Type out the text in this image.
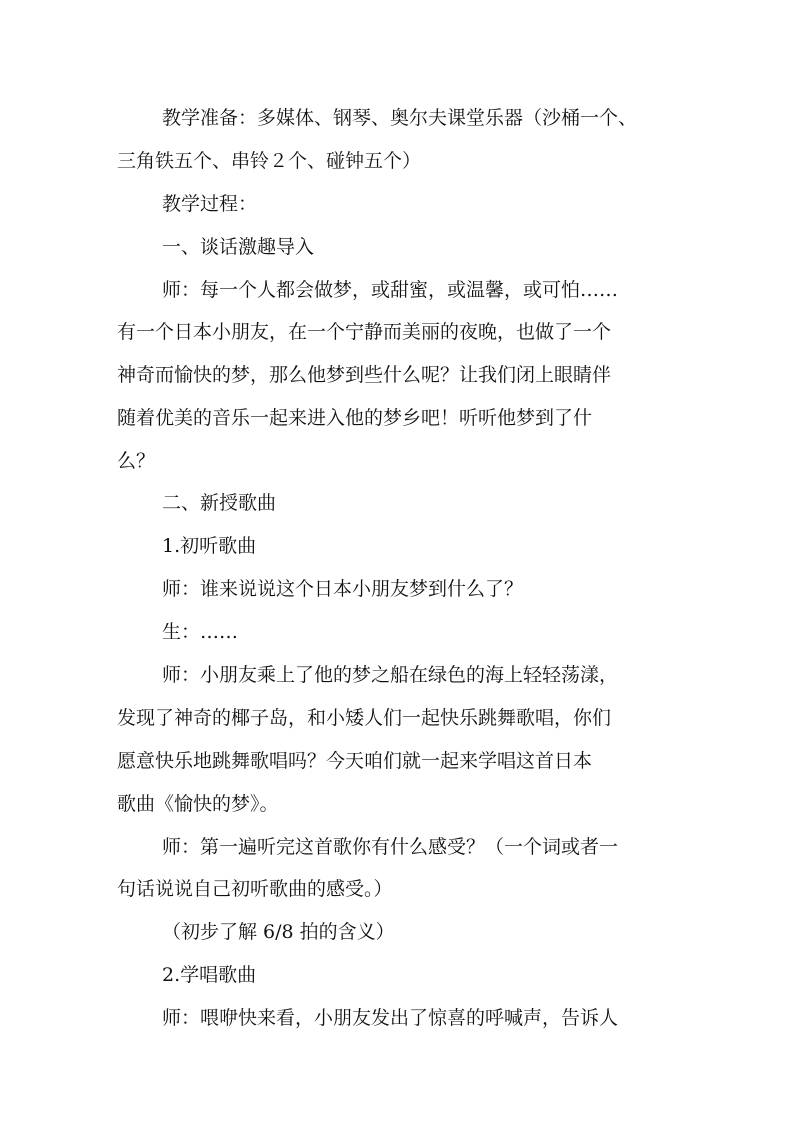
教学准备：多媒体、钢琴、奥尔夫课堂乐器（沙桶一个、
三角铁五个、串铃２个、碰钟五个）
教学过程：
一、谈话激趣导入
师：每一个人都会做梦，或甜蜜，或温馨，或可怕……
有一个日本小朋友，在一个宁静而美丽的夜晚，也做了一个
神奇而愉快的梦，那么他梦到些什么呢？让我们闭上眼睛伴
随着优美的音乐一起来进入他的梦乡吧！听听他梦到了什
么？
二、新授歌曲
1.初听歌曲
师：谁来说说这个日本小朋友梦到什么了？
生：……
师：小朋友乘上了他的梦之船在绿色的海上轻轻荡漾，
发现了神奇的椰子岛，和小矮人们一起快乐跳舞歌唱，你们
愿意快乐地跳舞歌唱吗？今天咱们就一起来学唱这首日本
歌曲《愉快的梦》。
师：第一遍听完这首歌你有什么感受？（一个词或者一
句话说说自己初听歌曲的感受。）
（初步了解 6/8 拍的含义）
2.学唱歌曲
师：喂咿快来看，小朋友发出了惊喜的呼喊声，告诉人
